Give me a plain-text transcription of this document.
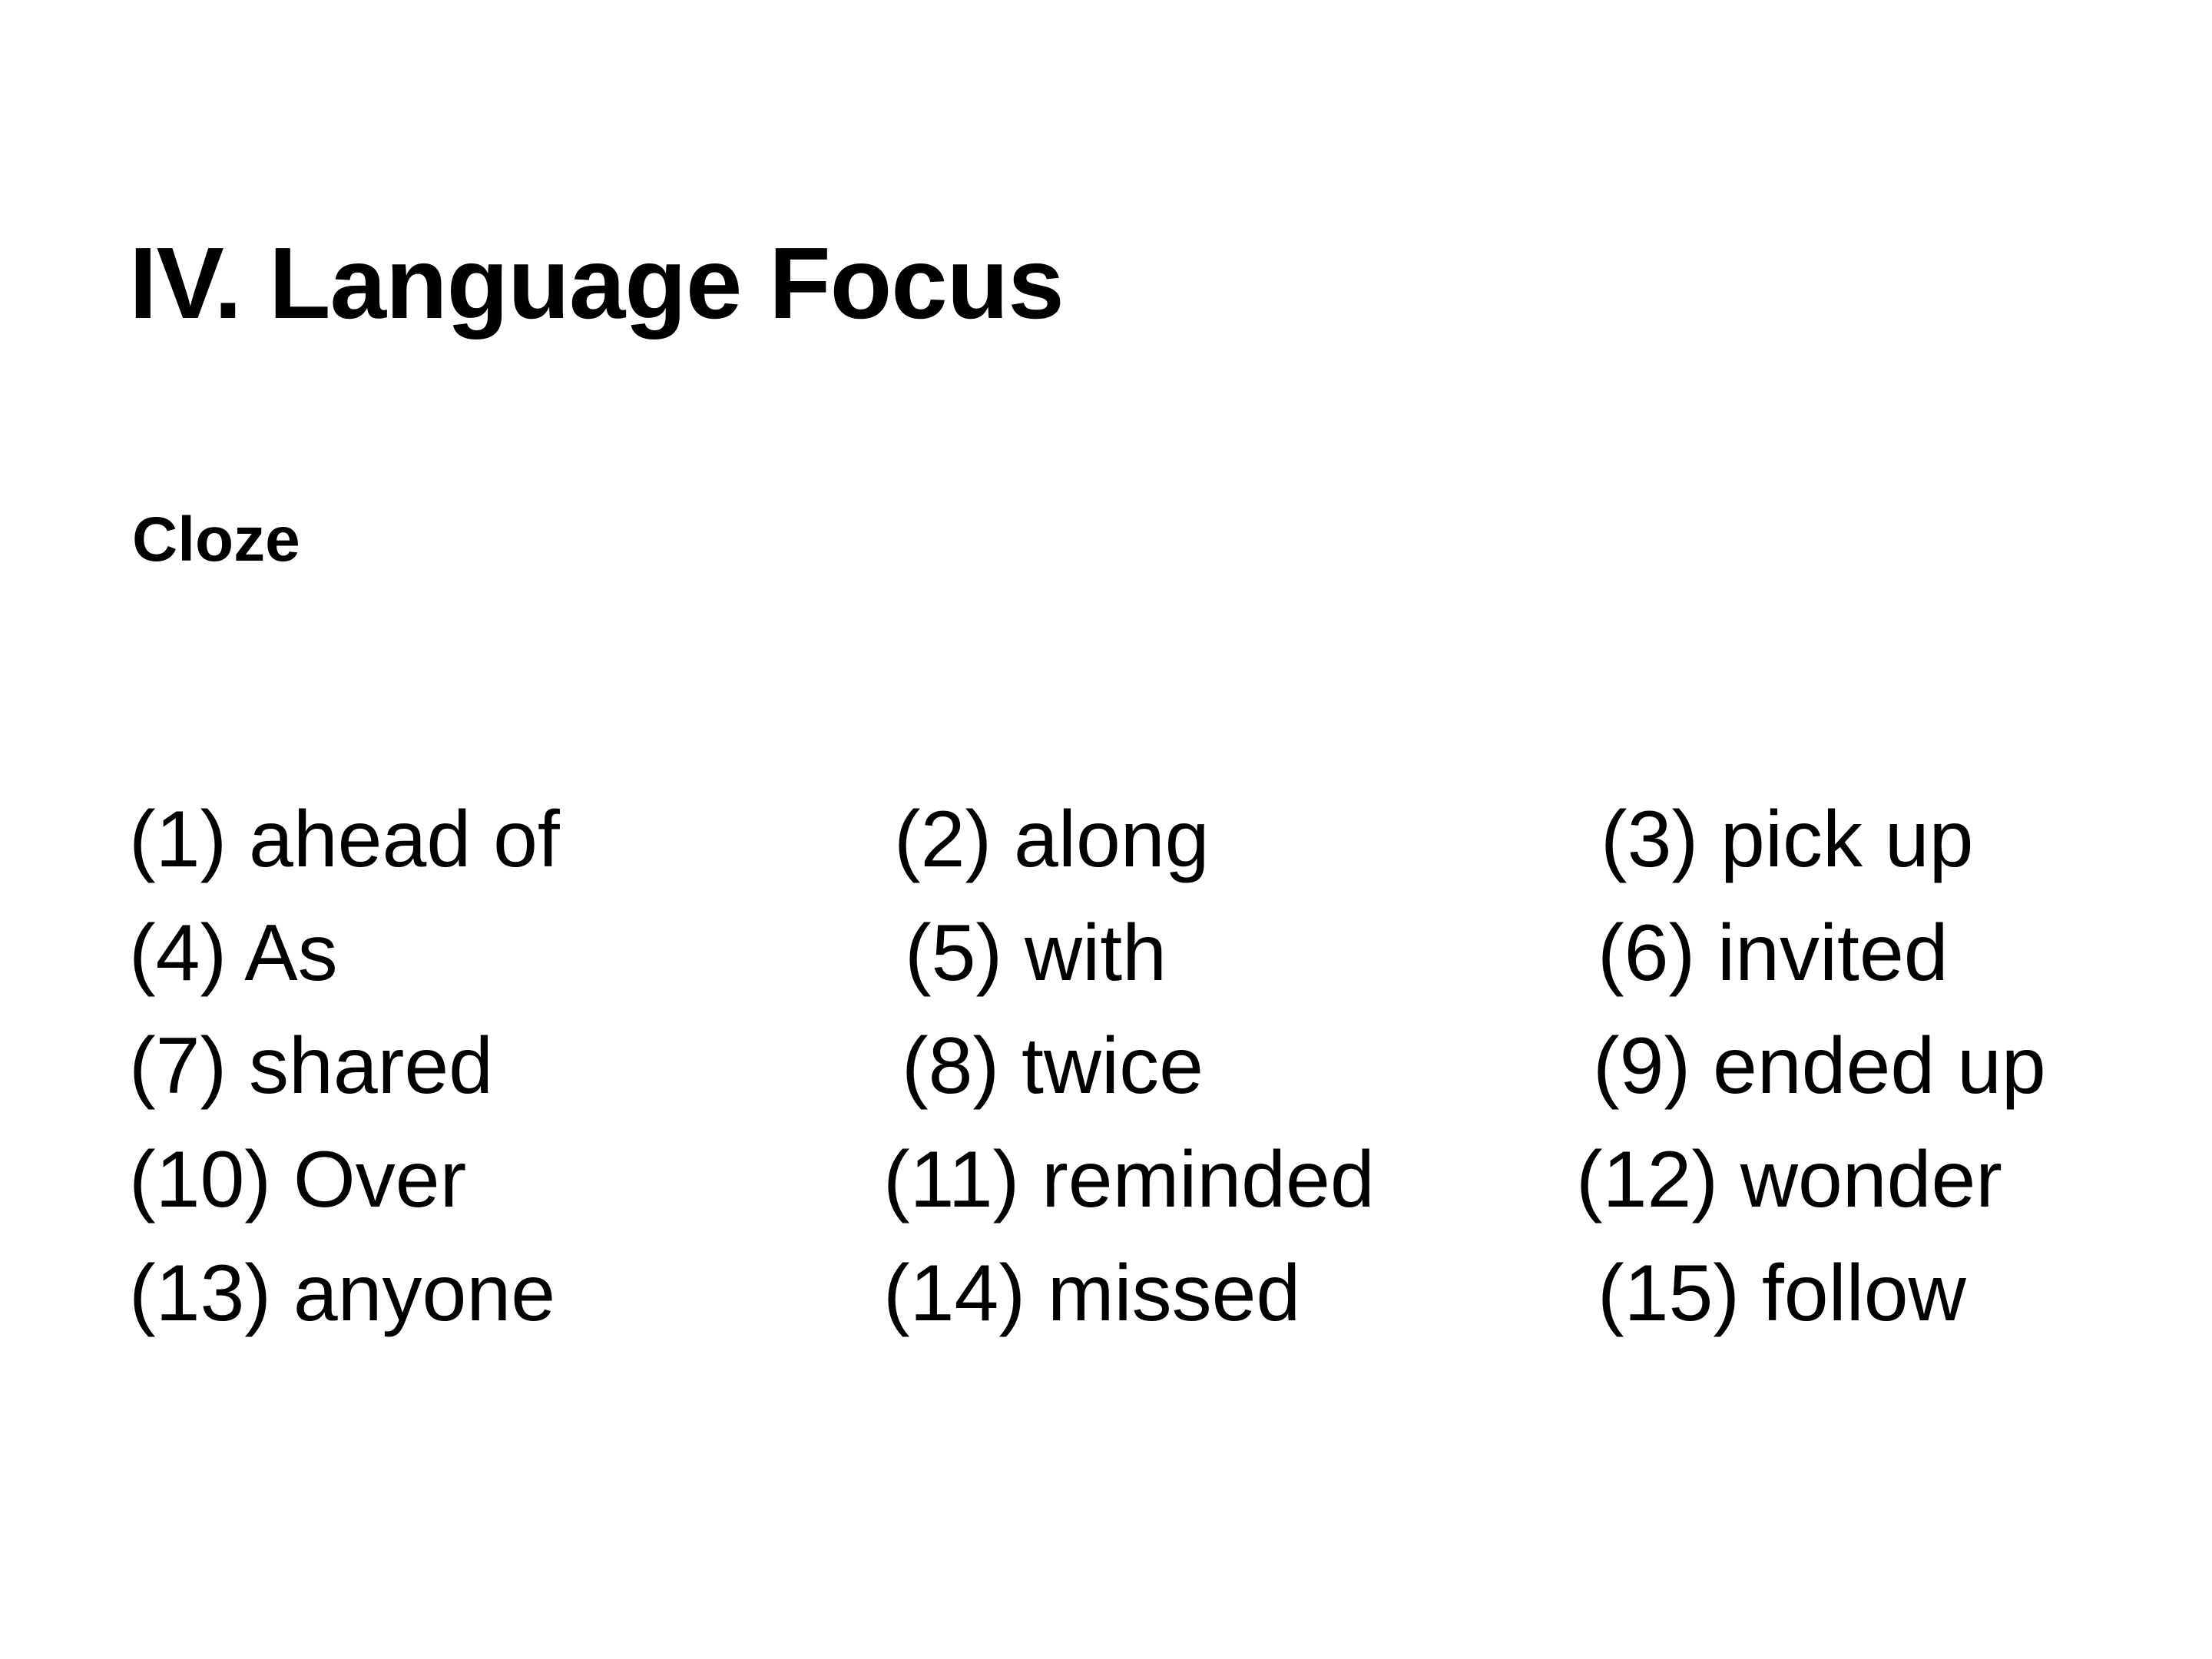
IV. Language Focus
Cloze
(1) ahead of	(2) along	(3) pick up
(4) As	(5) with	(6) invited
(7) shared	(8) twice	(9) ended up
(10) Over	(11) reminded	(12) wonder
(13) anyone	(14) missed	(15) follow
